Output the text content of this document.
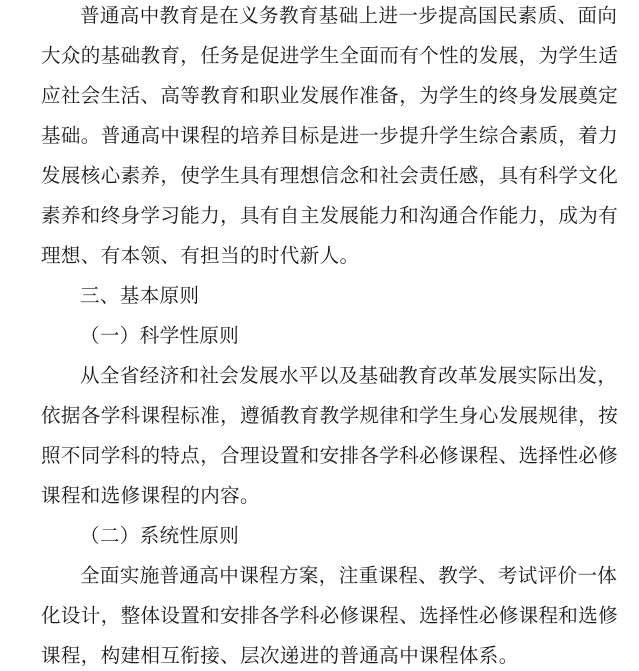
普通高中教育是在义务教育基础上进一步提高国民素质、面向
大众的基础教育，任务是促进学生全面而有个性的发展，为学生适
应社会生活、高等教育和职业发展作准备，为学生的终身发展奠定
基础。普通高中课程的培养目标是进一步提升学生综合素质，着力
发展核心素养，使学生具有理想信念和社会责任感，具有科学文化
素养和终身学习能力，具有自主发展能力和沟通合作能力，成为有
理想、有本领、有担当的时代新人。
三、基本原则
（一）科学性原则
从全省经济和社会发展水平以及基础教育改革发展实际出发，
依据各学科课程标准，遵循教育教学规律和学生身心发展规律，按
照不同学科的特点，合理设置和安排各学科必修课程、选择性必修
课程和选修课程的内容。
（二）系统性原则
全面实施普通高中课程方案，注重课程、教学、考试评价一体
化设计，整体设置和安排各学科必修课程、选择性必修课程和选修
课程，构建相互衔接、层次递进的普通高中课程体系。
